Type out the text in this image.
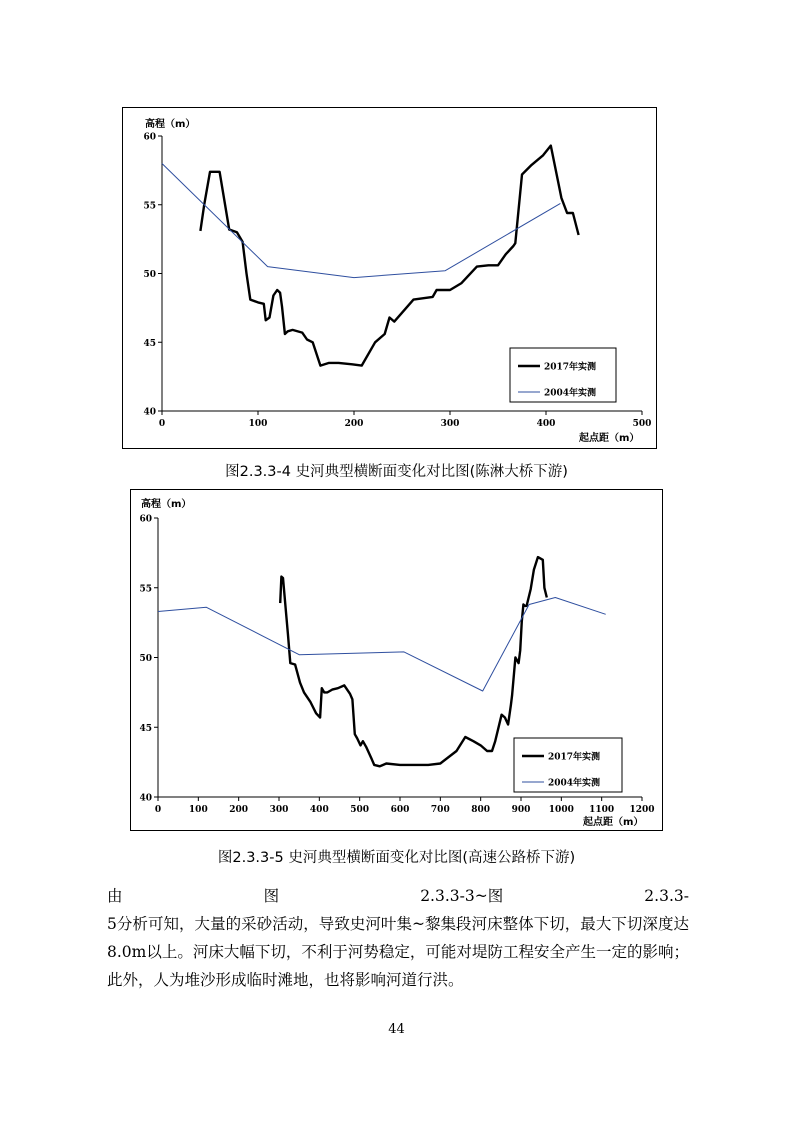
40
45
50
55
60
0	100	200	300	400	500
高程（m）
起点距（m）
2017年实测
2004年实测
图2.3.3-4 史河典型横断面变化对比图(陈淋大桥下游)
40
45
50
55
60
0	100 200 300 400 500 600 700 800 900 1000 1100 1200
高程（m）
起点距（m）
2017年实测
2004年实测
图2.3.3-5 史河典型横断面变化对比图(高速公路桥下游)
由	图	2.3.3-3~图	2.3.3-
5分析可知，大量的采砂活动，导致史河叶集~黎集段河床整体下切，最大下切深度达8.0m以上。河床大幅下切，不利于河势稳定，可能对堤防工程安全产生一定的影响；此外，人为堆沙形成临时滩地，也将影响河道行洪。
44
